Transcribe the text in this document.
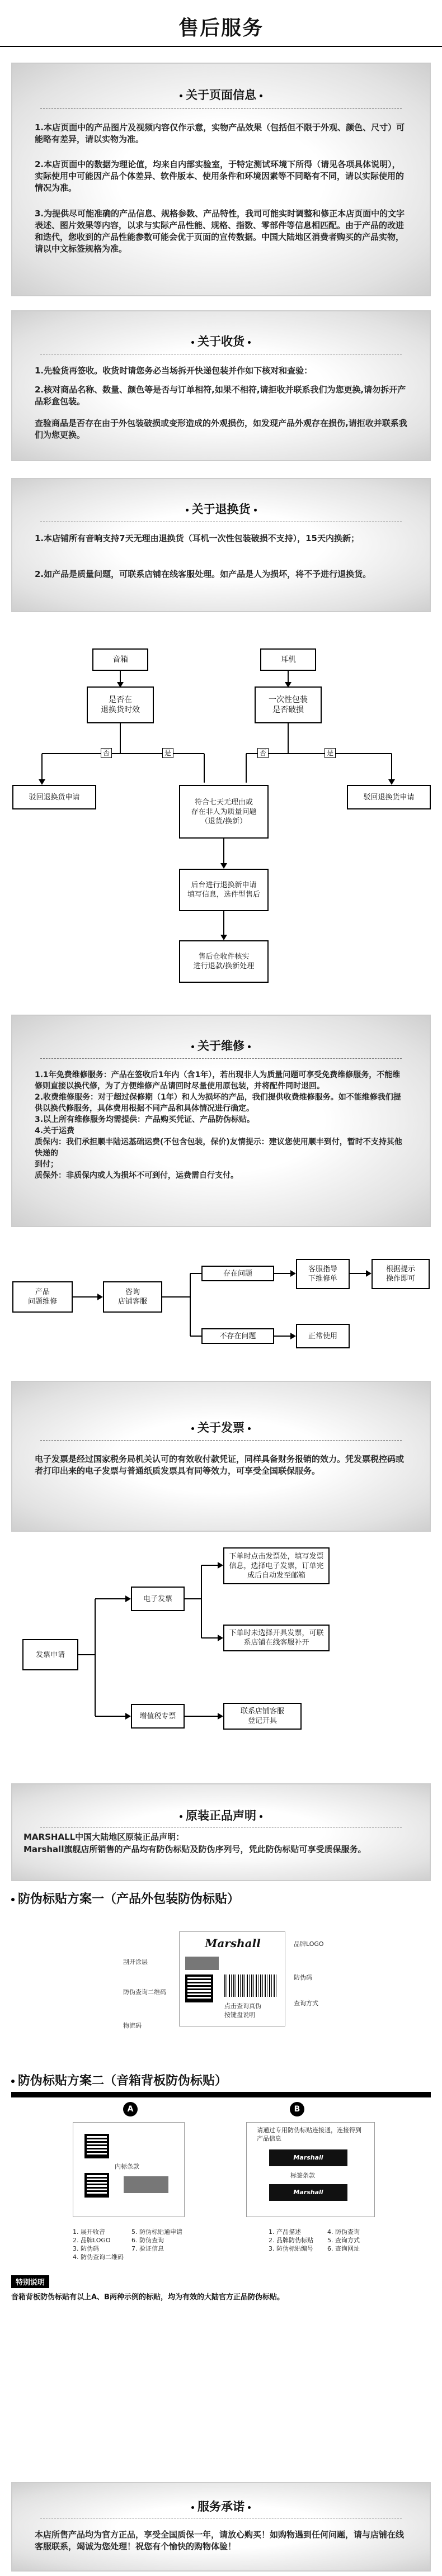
售后服务
关于页面信息
1.本店页面中的产品图片及视频内容仅作示意，实物产品效果（包括但不限于外观、颜色、尺寸）可能略有差异，请以实物为准。
2.本店页面中的数据为理论值，均来自内部实验室，于特定测试环境下所得（请见各项具体说明），实际使用中可能因产品个体差异、软件版本、使用条件和环境因素等不同略有不同，请以实际使用的情况为准。
3.为提供尽可能准确的产品信息、规格参数、产品特性，我司可能实时调整和修正本店页面中的文字表述、图片效果等内容，以求与实际产品性能、规格、指数、零部件等信息相匹配。由于产品的改进和迭代，您收到的产品性能参数可能会优于页面的宣传数据。中国大陆地区消费者购买的产品实物，请以中文标签规格为准。
关于收货
1.先验货再签收。收货时请您务必当场拆开快递包装并作如下核对和查验：
2.核对商品名称、数量、颜色等是否与订单相符,如果不相符,请拒收并联系我们为您更换,请勿拆开产品彩盒包装。
查验商品是否存在由于外包装破损或变形造成的外观损伤，如发现产品外观存在损伤,请拒收并联系我们为您更换。
关于退换货
1.本店铺所有音响支持7天无理由退换货（耳机一次性包装破损不支持），15天内换新；
2.如产品是质量问题，可联系店铺在线客服处理。如产品是人为损坏，将不予进行退换货。
音箱	耳机
是否在
退换货时效
一次性包装
是否破损
否	是	否	是
驳回退换货申请	驳回退换货申请
符合七天无理由或
存在非人为质量问题
（退货/换新）
后台进行退换新申请
填写信息，选件型售后
售后仓收件核实
进行退款/换新处理
关于维修
1.1年免费维修服务：产品在签收后1年内（含1年），若出现非人为质量问题可享受免费维修服务，不能维修则直接以换代修，为了方便维修产品请回时尽量使用原包装，并将配件同时退回。
2.收费维修服务：对于超过保修期（1年）和人为损坏的产品，我们提供收费维修服务。如不能维修我们提供以换代修服务，具体费用根据不同产品和具体情况进行确定。
3.以上所有维修服务均需提供：产品购买凭证、产品防伪标贴。
4.关于运费
质保内：我们承担顺丰陆运基础运费(不包含包装，保价)友情提示：建议您使用顺丰到付，暂时不支持其他快递的
到付；
质保外：非质保内或人为损坏不可到付，运费需自行支付。
产品
问题维修
咨询
店铺客服
存在问题
不存在问题
客服指导
下维修单
根据提示
操作即可
正常使用
关于发票
电子发票是经过国家税务局机关认可的有效收付款凭证，同样具备财务报销的效力。凭发票税控码或者打印出来的电子发票与普通纸质发票具有同等效力，可享受全国联保服务。
发票申请
电子发票
增值税专票
下单时点击发票处，填写发票信息，选择电子发票，订单完成后自动发至邮箱
下单时未选择开具发票，可联系店铺在线客服补开
联系店铺客服
登记开具
原装正品声明
MARSHALL中国大陆地区原装正品声明：
Marshall旗舰店所销售的产品均有防伪标贴及防伪序列号，凭此防伪标贴可享受质保服务。
防伪标贴方案一（产品外包装防伪标贴）
Marshall
点击查询真伪
按键盘说明
刮开涂层
防伪查询二维码
物流码
品牌LOGO
防伪码
查询方式
防伪标贴方案二（音箱背板防伪标贴）
A	B
内标条款
请通过专用防伪标贴连接通，连接得到产品信息
Marshall
标签条款
Marshall
1. 展开收音
2. 品牌LOGO
3. 防伪码
4. 防伪查询二维码
5. 防伪标贴通申请
6. 防伪查询
7. 验证信息
1. 产品描述
2. 品牌防伪标贴
3. 防伪标贴编号
4. 防伪查询
5. 查询方式
6. 查询网址
特别说明
音箱背板防伪标贴有以上A、B两种示例的标贴，均为有效的大陆官方正品防伪标贴。
服务承诺
本店所售产品均为官方正品，享受全国质保一年，请放心购买！如购物遇到任何问题，请与店铺在线客服联系，竭诚为您处理！祝您有个愉快的购物体验！
